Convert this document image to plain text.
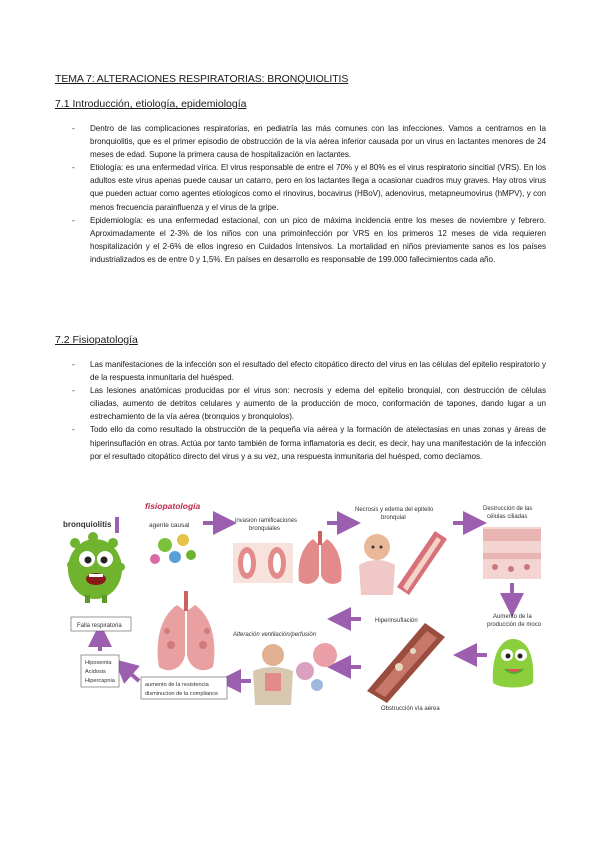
TEMA 7: ALTERACIONES RESPIRATORIAS: BRONQUIOLITIS
7.1 Introducción, etiología, epidemiología
- Dentro de las complicaciones respiratorias, en pediatría las más comunes con las infecciones. Vamos a centrarnos en la bronquiolitis, que es el primer episodio de obstrucción de la vía aérea inferior causada por un virus en lactantes menores de 24 meses de edad. Supone la primera causa de hospitalización en lactantes.
- Etiología: es una enfermedad vírica. El virus responsable de entre el 70% y el 80% es el virus respiratorio sincitial (VRS). En los adultos este virus apenas puede causar un catarro, pero en los lactantes llega a ocasionar cuadros muy graves. Hay otros virus que pueden actuar como agentes etiologicos como el rinovirus, bocavirus (HBoV), adenovirus, metapneumovirus (hMPV), y con menos frecuencia parainfluenza y el virus de la gripe.
- Epidemiología: es una enfermedad estacional, con un pico de máxima incidencia entre los meses de noviembre y febrero. Aproximadamente el 2-3% de los niños con una primoinfección por VRS en los primeros 12 meses de vida requieren hospitalización y el 2-6% de ellos ingreso en Cuidados Intensivos. La mortalidad en niños previamente sanos es los países industrializados es de entre 0 y 1,5%. En países en desarrollo es responsable de 199.000 fallecimientos cada año.
7.2 Fisiopatología
- Las manifestaciones de la infección son el resultado del efecto citopático directo del virus en las células del epitelio respiratorio y de la respuesta inmunitaria del huésped.
- Las lesiones anatómicas producidas por el virus son: necrosis y edema del epitelio bronquial, con destrucción de células ciliadas, aumento de detritos celulares y aumento de la producción de moco, conformación de tapones, dando lugar a un estrechamiento de la vía aérea (bronquios y bronquiolos).
- Todo ello da como resultado la obstrucción de la pequeña vía aérea y la formación de atelectasias en unas zonas y áreas de hiperinsuflación en otras. Actúa por tanto también de forma inflamatoria es decir, es decir, hay una manifestación de la infección por el resultado citopático directo del virus y a su vez, una respuesta inmunitaria del huésped, como decíamos.
fisiopatología
bronquiolitis	agente causal
invasion ramificaciones
bronquiales
Necrosis y edema del epitelio
bronquial
Destrucción de las
células ciliadas
Aumento de la
producción de moco
Hiperinsuflación
Obstrucción vía aérea
Alteración ventilación/perfusión
aumento de la resistencia
disminucion de la compliance
Hipoxemia
Acidosis
Hipercapnia
Falla respiratoria
